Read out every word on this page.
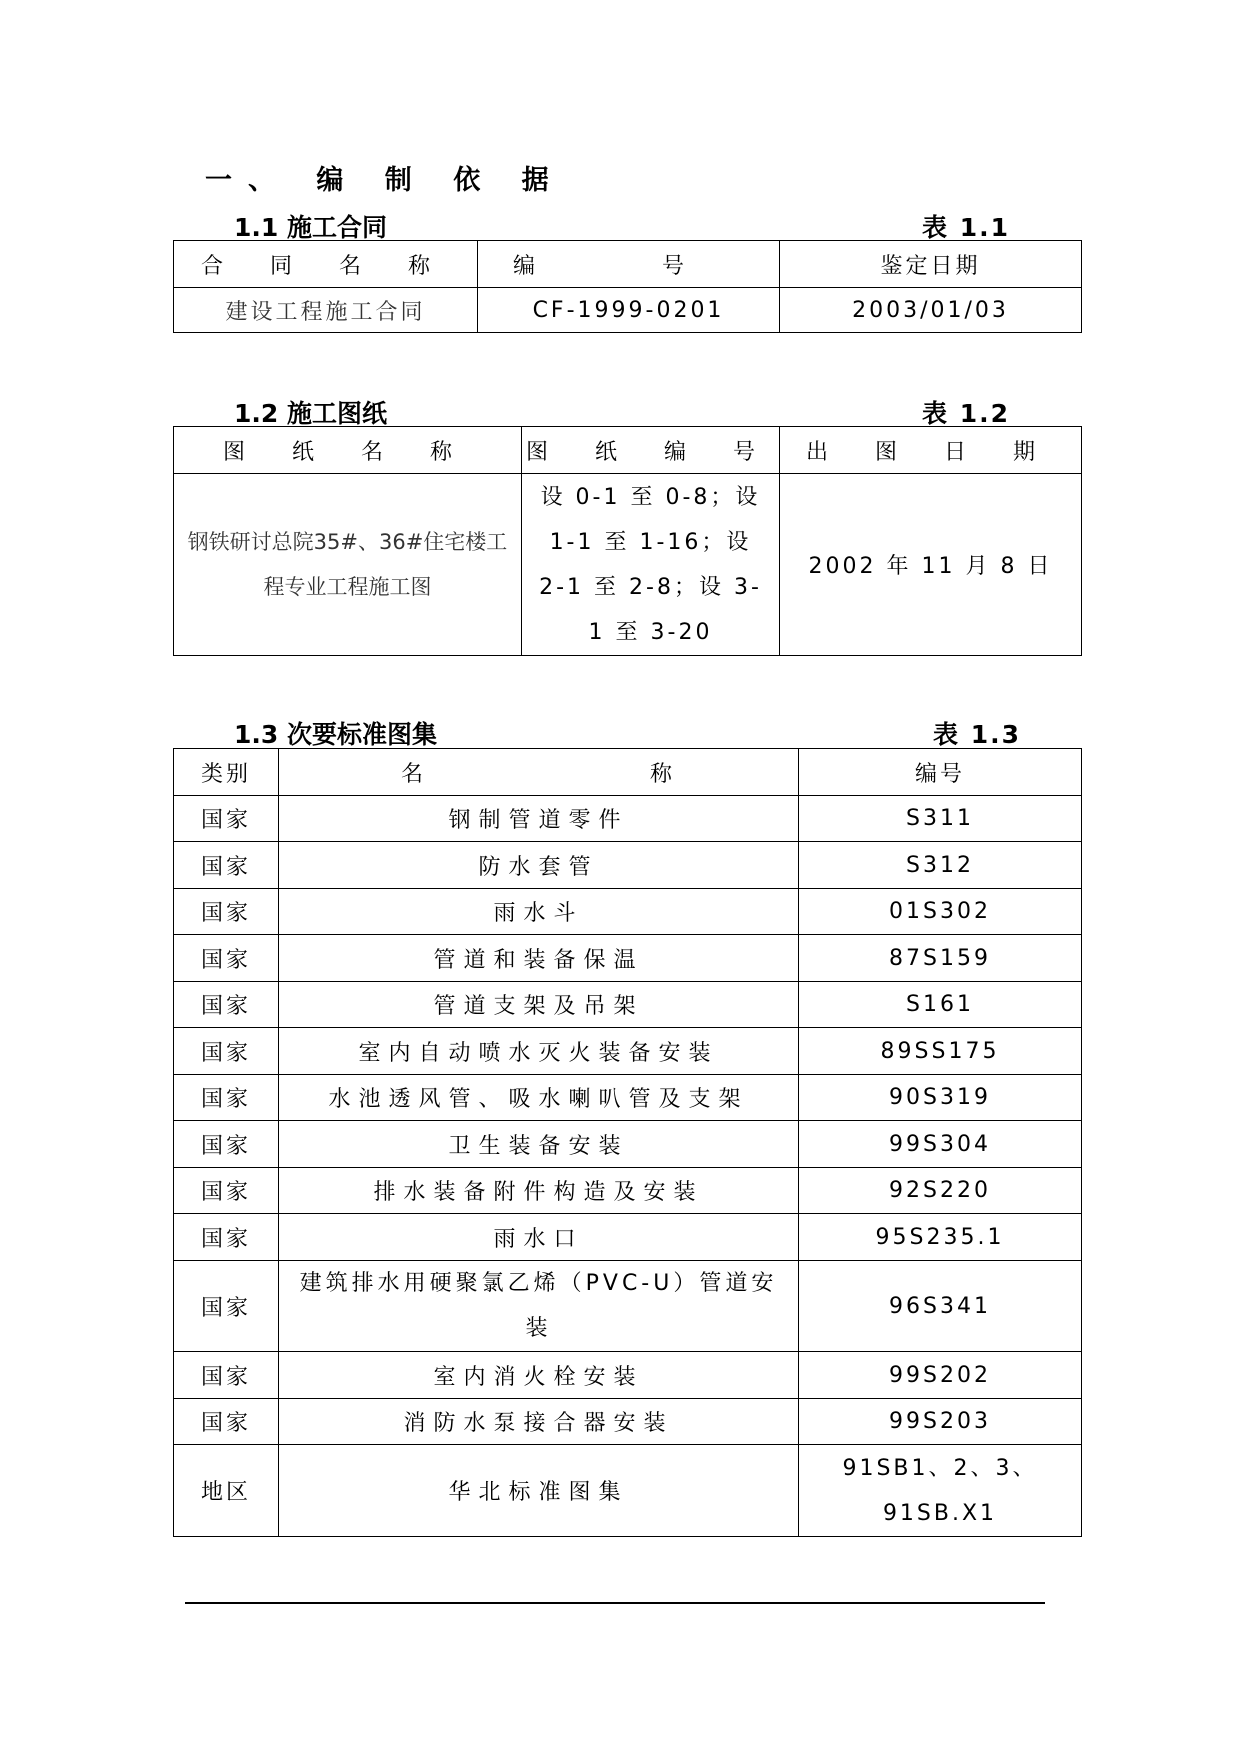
一、 编 制 依 据
1.1 施工合同	表 1.1
合 同 名 称	编 号	鉴定日期
建设工程施工合同	CF-1999-0201	2003/01/03
1.2 施工图纸	表 1.2
图 纸 名 称	图 纸 编 号	出 图 日 期
钢铁研讨总院35#、36#住宅楼工程专业工程施工图	设 0-1 至 0-8；设 1-1 至 1-16；设 2-1 至 2-8；设 3-1 至 3-20	2002 年 11 月 8 日
1.3 次要标准图集	表 1.3
类别	名 称	编号
国家	钢制管道零件	S311
国家	防水套管	S312
国家	雨水斗	01S302
国家	管道和装备保温	87S159
国家	管道支架及吊架	S161
国家	室内自动喷水灭火装备安装	89SS175
国家	水池透风管、吸水喇叭管及支架	90S319
国家	卫生装备安装	99S304
国家	排水装备附件构造及安装	92S220
国家	雨水口	95S235.1
国家	建筑排水用硬聚氯乙烯（PVC-U）管道安装	96S341
国家	室内消火栓安装	99S202
国家	消防水泵接合器安装	99S203
地区	华北标准图集	91SB1、2、3、91SB.X1
